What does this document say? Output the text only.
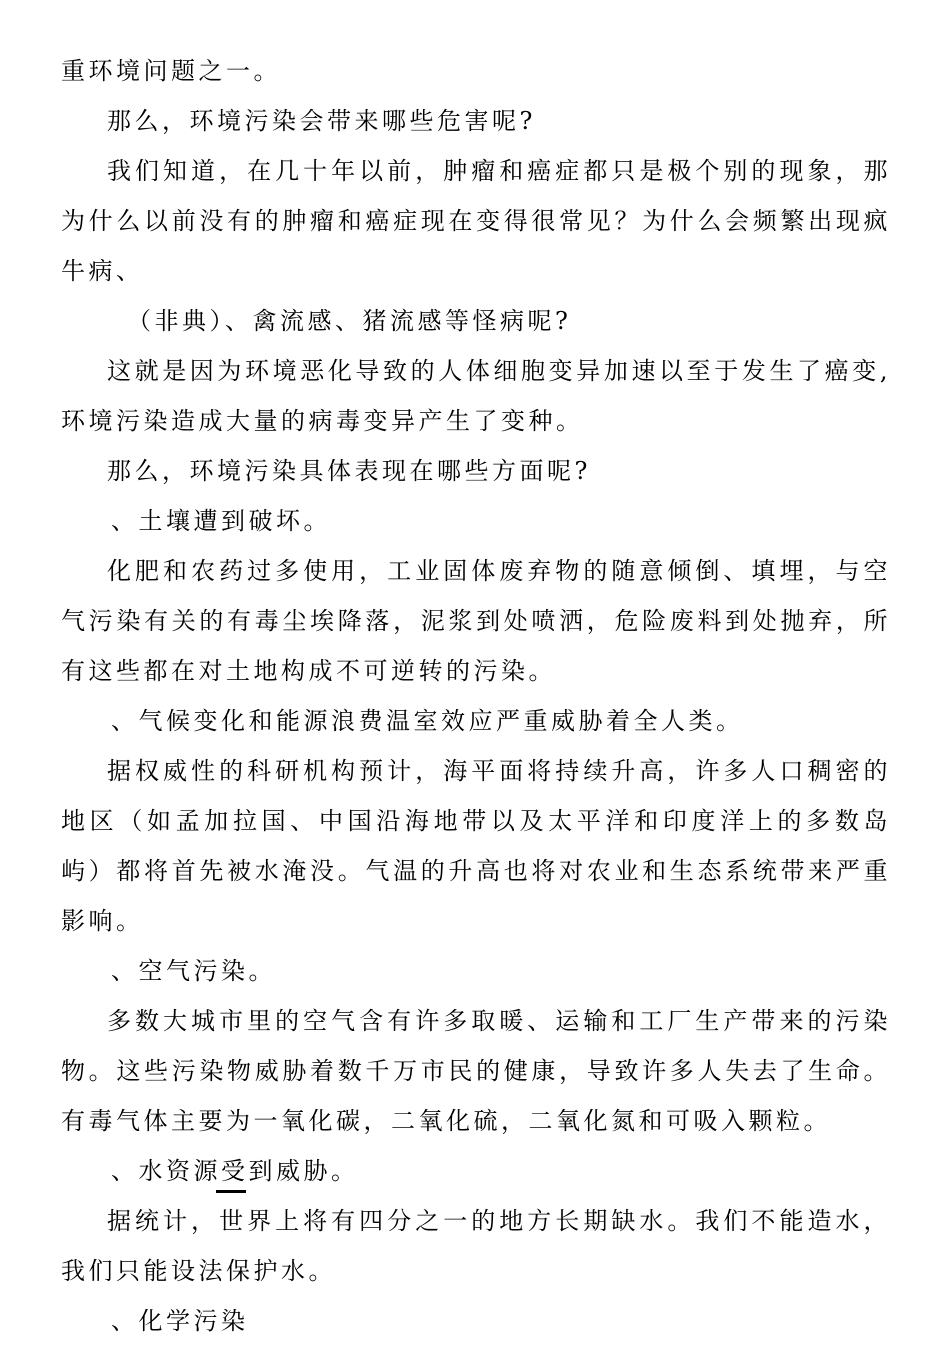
重环境问题之一。

那么，环境污染会带来哪些危害呢?

我们知道，在几十年以前，肿瘤和癌症都只是极个别的现象，那为什么以前没有的肿瘤和癌症现在变得很常见？为什么会频繁出现疯牛病、

（非典）、禽流感、猪流感等怪病呢?

这就是因为环境恶化导致的人体细胞变异加速以至于发生了癌变,环境污染造成大量的病毒变异产生了变种。

那么，环境污染具体表现在哪些方面呢?

、土壤遭到破坏。

化肥和农药过多使用，工业固体废弃物的随意倾倒、填埋，与空气污染有关的有毒尘埃降落，泥浆到处喷洒，危险废料到处抛弃，所有这些都在对土地构成不可逆转的污染。

、气候变化和能源浪费温室效应严重威胁着全人类。

据权威性的科研机构预计，海平面将持续升高，许多人口稠密的地区（如孟加拉国、中国沿海地带以及太平洋和印度洋上的多数岛屿）都将首先被水淹没。气温的升高也将对农业和生态系统带来严重影响。

、空气污染。

多数大城市里的空气含有许多取暖、运输和工厂生产带来的污染物。这些污染物威胁着数千万市民的健康，导致许多人失去了生命。有毒气体主要为一氧化碳，二氧化硫，二氧化氮和可吸入颗粒。

、水资源受到威胁。

据统计，世界上将有四分之一的地方长期缺水。我们不能造水，我们只能设法保护水。

、化学污染
